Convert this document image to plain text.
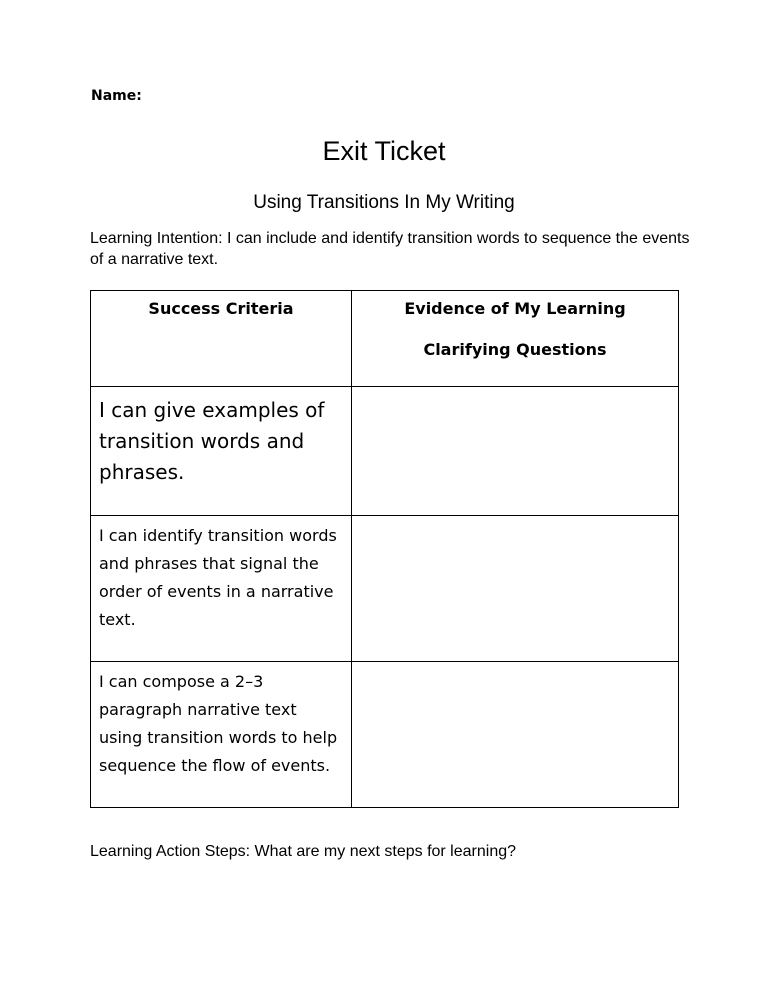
Name:
Exit Ticket
Using Transitions In My Writing
Learning Intention: I can include and identify transition words to sequence the events of a narrative text.
Success Criteria	Evidence of My Learning
Clarifying Questions

I can give examples of transition words and phrases.	
I can identify transition words and phrases that signal the order of events in a narrative text.	
I can compose a 2–3 paragraph narrative text using transition words to help sequence the flow of events.	
Learning Action Steps: What are my next steps for learning?
